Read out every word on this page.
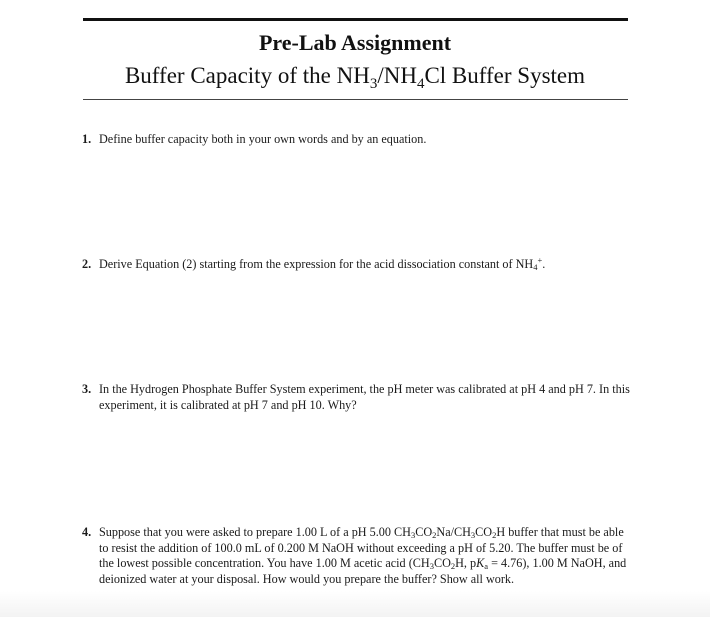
Pre-Lab Assignment
Buffer Capacity of the $NH_3/NH_4Cl$ Buffer System
1. Define buffer capacity both in your own words and by an equation.
2. Derive Equation (2) starting from the expression for the acid dissociation constant of $NH_4^+$.
3. In the Hydrogen Phosphate Buffer System experiment, the pH meter was calibrated at pH 4 and pH 7. In this experiment, it is calibrated at pH 7 and pH 10. Why?
4. Suppose that you were asked to prepare 1.00 L of a pH 5.00 $CH_3CO_2Na/CH_3CO_2H$ buffer that must be able to resist the addition of 100.0 mL of 0.200 M NaOH without exceeding a pH of 5.20. The buffer must be of the lowest possible concentration. You have 1.00 M acetic acid ($CH_3CO_2H$, $pK_a = 4.76$), 1.00 M NaOH, and deionized water at your disposal. How would you prepare the buffer? Show all work.
